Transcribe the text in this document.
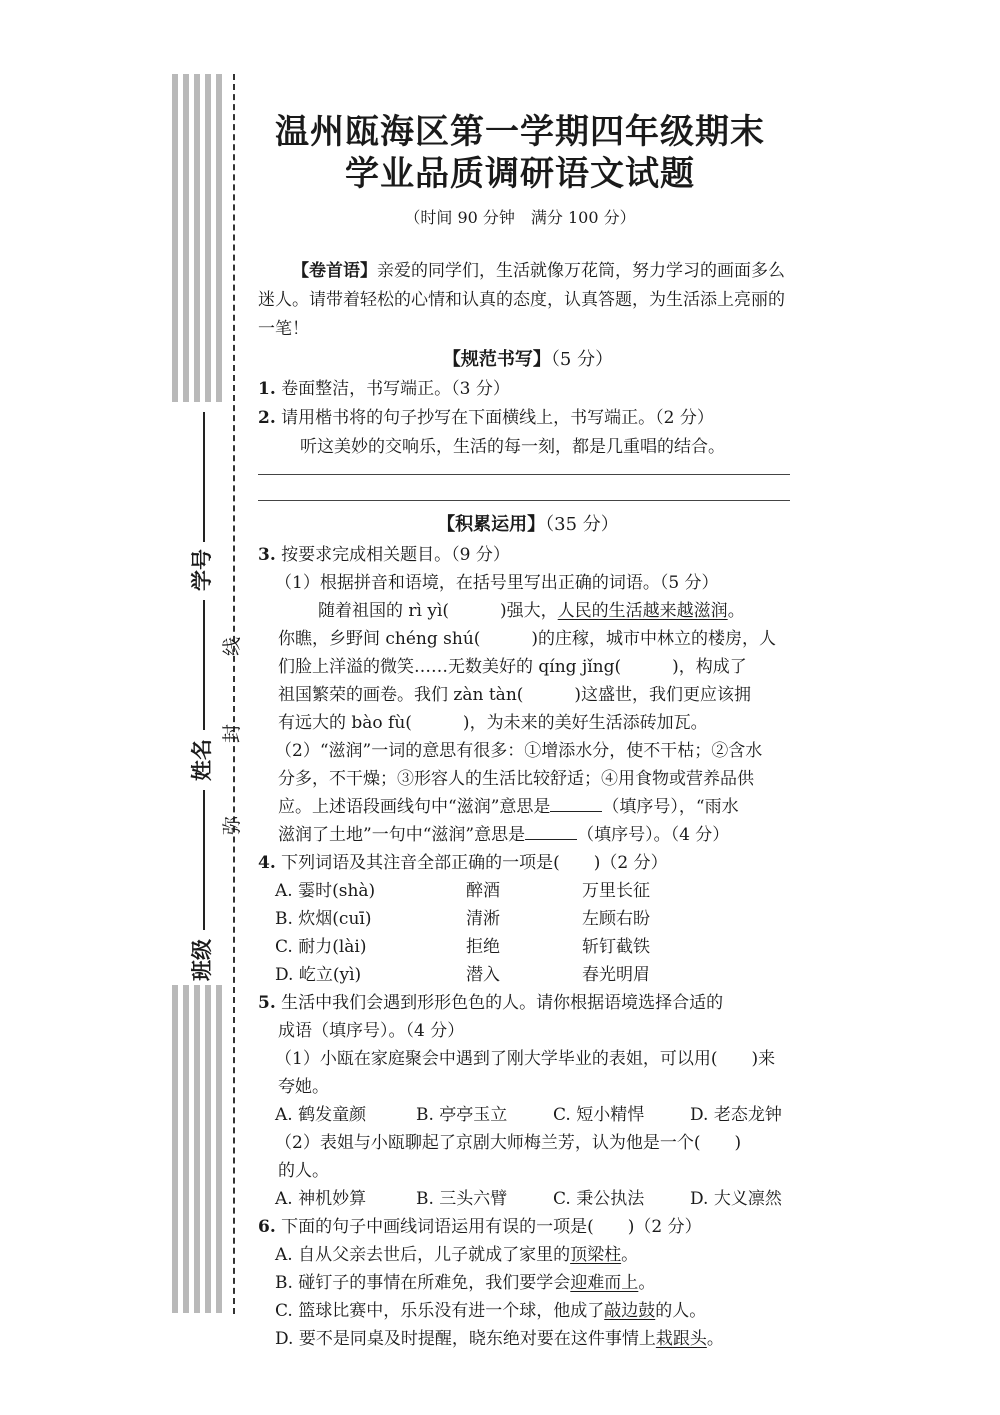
学号
姓名
班级
线
封
弥
温州瓯海区第一学期四年级期末
学业品质调研语文试题
（时间 90 分钟　满分 100 分）
【卷首语】亲爱的同学们，生活就像万花筒，努力学习的画面多么迷人。请带着轻松的心情和认真的态度，认真答题，为生活添上亮丽的一笔！
【规范书写】（5 分）
1. 卷面整洁，书写端正。（3 分）
2. 请用楷书将的句子抄写在下面横线上，书写端正。（2 分）
听这美妙的交响乐，生活的每一刻，都是几重唱的结合。
【积累运用】（35 分）
3. 按要求完成相关题目。（9 分）
（1）根据拼音和语境，在括号里写出正确的词语。（5 分）
随着祖国的 rì yì(　　　)强大，人民的生活越来越滋润。
你瞧，乡野间 chéng shú(　　　)的庄稼，城市中林立的楼房，人
们脸上洋溢的微笑……无数美好的 qíng jǐng(　　　)，构成了
祖国繁荣的画卷。我们 zàn tàn(　　　)这盛世，我们更应该拥
有远大的 bào fù(　　　)，为未来的美好生活添砖加瓦。
（2）“滋润”一词的意思有很多：①增添水分，使不干枯；②含水
分多，不干燥；③形容人的生活比较舒适；④用食物或营养品供
应。上述语段画线句中“滋润”意思是	（填序号），“雨水
滋润了土地”一句中“滋润”意思是	（填序号）。（4 分）
4. 下列词语及其注音全部正确的一项是(　　)（2 分）
A. 霎时(shà)	醉酒	万里长征
B. 炊烟(cuī)	清淅	左顾右盼
C. 耐力(lài)	拒绝	斩钉截铁
D. 屹立(yì)	潜入	春光明眉
5. 生活中我们会遇到形形色色的人。请你根据语境选择合适的
成语（填序号）。（4 分）
（1）小瓯在家庭聚会中遇到了刚大学毕业的表姐，可以用(　　)来
夸她。
A. 鹤发童颜	B. 亭亭玉立	C. 短小精悍	D. 老态龙钟
（2）表姐与小瓯聊起了京剧大师梅兰芳，认为他是一个(　　)
的人。
A. 神机妙算	B. 三头六臂	C. 秉公执法	D. 大义凛然
6. 下面的句子中画线词语运用有误的一项是(　　)（2 分）
A. 自从父亲去世后，儿子就成了家里的顶梁柱。
B. 碰钉子的事情在所难免，我们要学会迎难而上。
C. 篮球比赛中，乐乐没有进一个球，他成了敲边鼓的人。
D. 要不是同桌及时提醒，晓东绝对要在这件事情上栽跟头。
